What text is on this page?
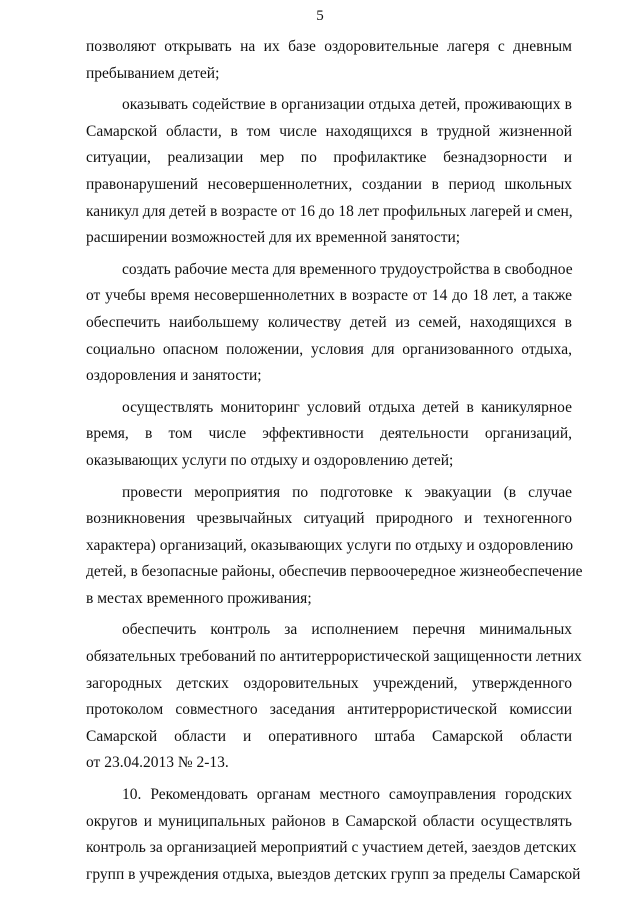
5
позволяют открывать на их базе оздоровительные лагеря с дневным
пребыванием детей;
оказывать содействие в организации отдыха детей, проживающих в
Самарской области, в том числе находящихся в трудной жизненной
ситуации, реализации мер по профилактике безнадзорности и
правонарушений несовершеннолетних, создании в период школьных
каникул для детей в возрасте от 16 до 18 лет профильных лагерей и смен,
расширении возможностей для их временной занятости;
создать рабочие места для временного трудоустройства в свободное
от учебы время несовершеннолетних в возрасте от 14 до 18 лет, а также
обеспечить наибольшему количеству детей из семей, находящихся в
социально опасном положении, условия для организованного отдыха,
оздоровления и занятости;
осуществлять мониторинг условий отдыха детей в каникулярное
время, в том числе эффективности деятельности организаций,
оказывающих услуги по отдыху и оздоровлению детей;
провести мероприятия по подготовке к эвакуации (в случае
возникновения чрезвычайных ситуаций природного и техногенного
характера) организаций, оказывающих услуги по отдыху и оздоровлению
детей, в безопасные районы, обеспечив первоочередное жизнеобеспечение
в местах временного проживания;
обеспечить контроль за исполнением перечня минимальных
обязательных требований по антитеррористической защищенности летних
загородных детских оздоровительных учреждений, утвержденного
протоколом совместного заседания антитеррористической комиссии
Самарской области и оперативного штаба Самарской области
от 23.04.2013 № 2-13.
10. Рекомендовать органам местного самоуправления городских
округов и муниципальных районов в Самарской области осуществлять
контроль за организацией мероприятий с участием детей, заездов детских
групп в учреждения отдыха, выездов детских групп за пределы Самарской
